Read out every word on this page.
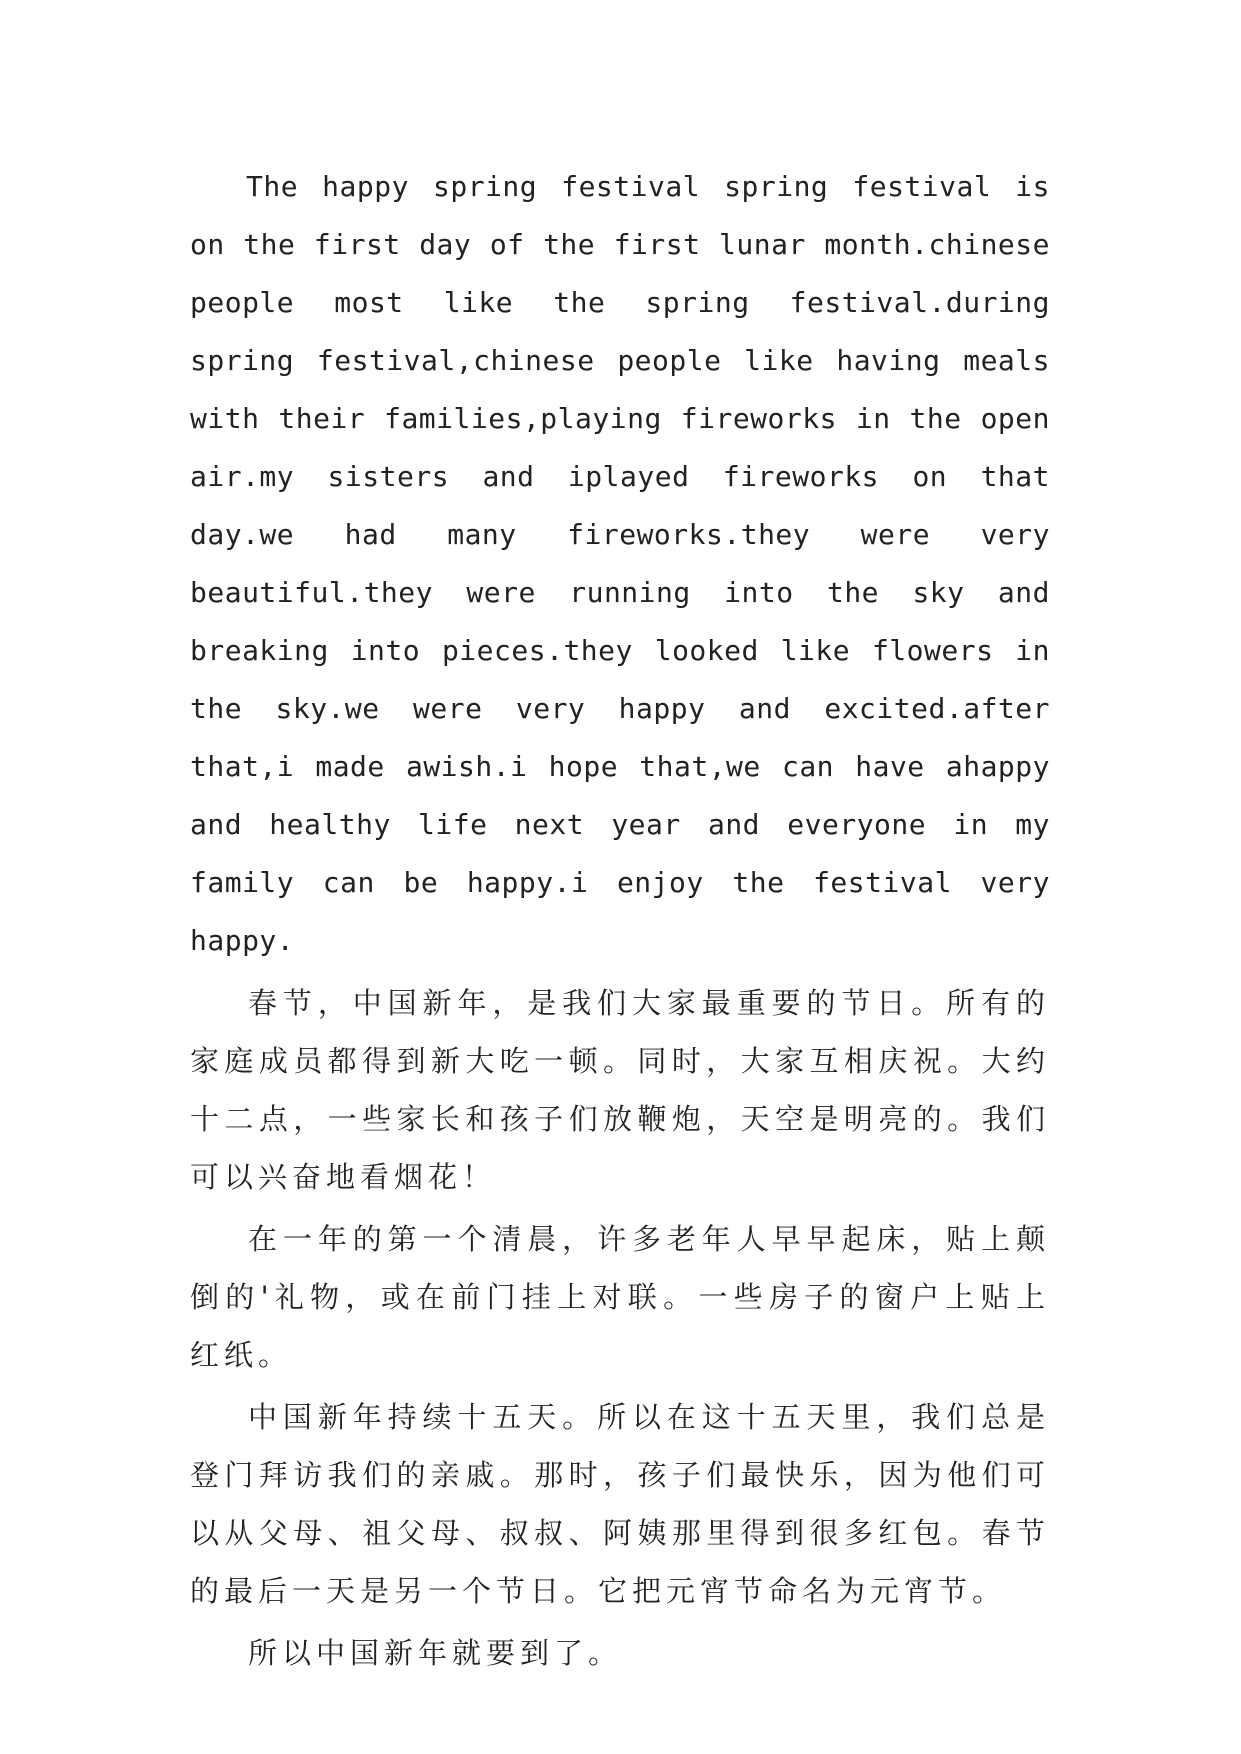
The happy spring festival spring festival is on the first day of the first lunar month.chinese people most like the spring festival.during spring festival,chinese people like having meals with their families,playing fireworks in the open air.my sisters and iplayed fireworks on that day.we had many fireworks.they were very beautiful.they were running into the sky and breaking into pieces.they looked like flowers in the sky.we were very happy and excited.after that,i made awish.i hope that,we can have ahappy and healthy life next year and everyone in my family can be happy.i enjoy the festival very happy.

春节，中国新年，是我们大家最重要的节日。所有的家庭成员都得到新大吃一顿。同时，大家互相庆祝。大约十二点，一些家长和孩子们放鞭炮，天空是明亮的。我们可以兴奋地看烟花！

在一年的第一个清晨，许多老年人早早起床，贴上颠倒的'礼物，或在前门挂上对联。一些房子的窗户上贴上红纸。

中国新年持续十五天。所以在这十五天里，我们总是登门拜访我们的亲戚。那时，孩子们最快乐，因为他们可以从父母、祖父母、叔叔、阿姨那里得到很多红包。春节的最后一天是另一个节日。它把元宵节命名为元宵节。

所以中国新年就要到了。
